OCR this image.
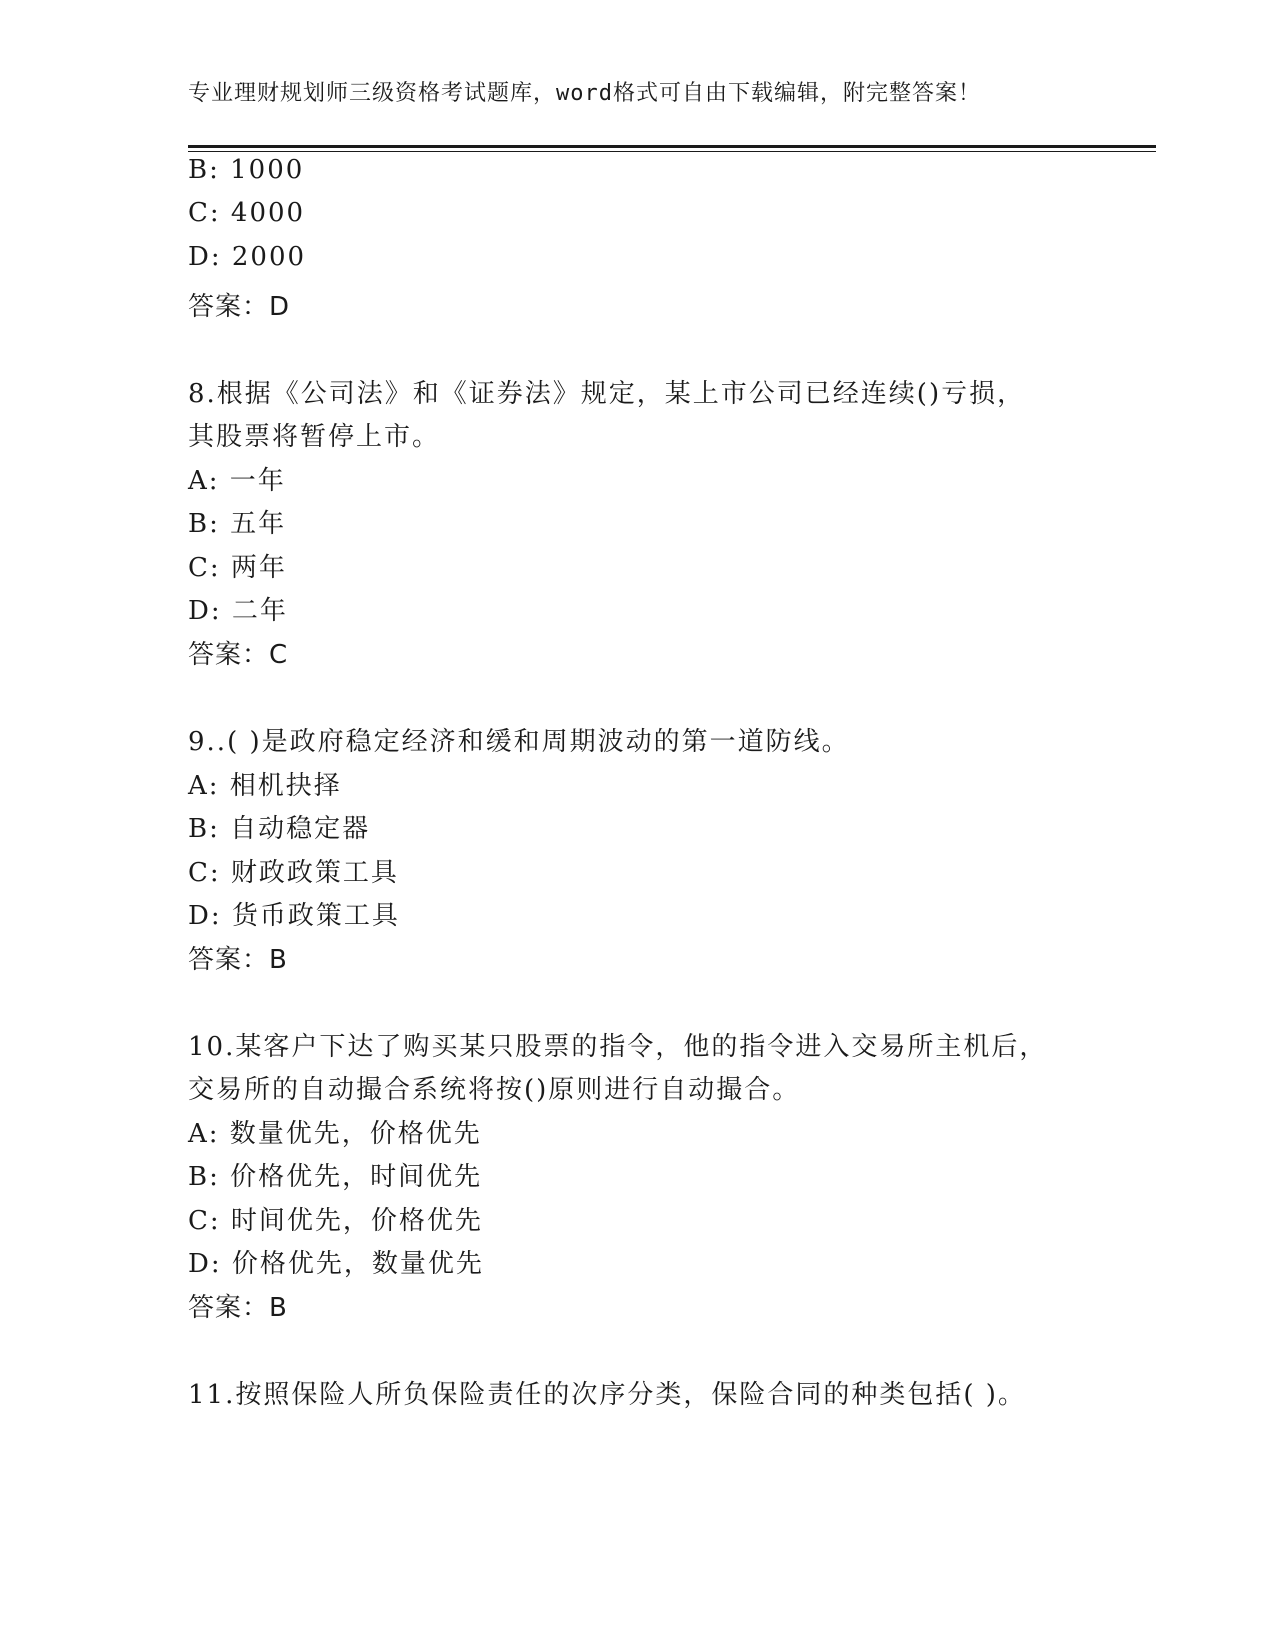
专业理财规划师三级资格考试题库，word格式可自由下载编辑，附完整答案！
B: 1000
C: 4000
D: 2000
答案：D
8.根据《公司法》和《证券法》规定，某上市公司已经连续()亏损，
其股票将暂停上市。
A: 一年
B: 五年
C: 两年
D: 二年
答案：C
9..( )是政府稳定经济和缓和周期波动的第一道防线。
A: 相机抉择
B: 自动稳定器
C: 财政政策工具
D: 货币政策工具
答案：B
10.某客户下达了购买某只股票的指令，他的指令进入交易所主机后，
交易所的自动撮合系统将按()原则进行自动撮合。
A: 数量优先，价格优先
B: 价格优先，时间优先
C: 时间优先，价格优先
D: 价格优先，数量优先
答案：B
11.按照保险人所负保险责任的次序分类，保险合同的种类包括( )。
